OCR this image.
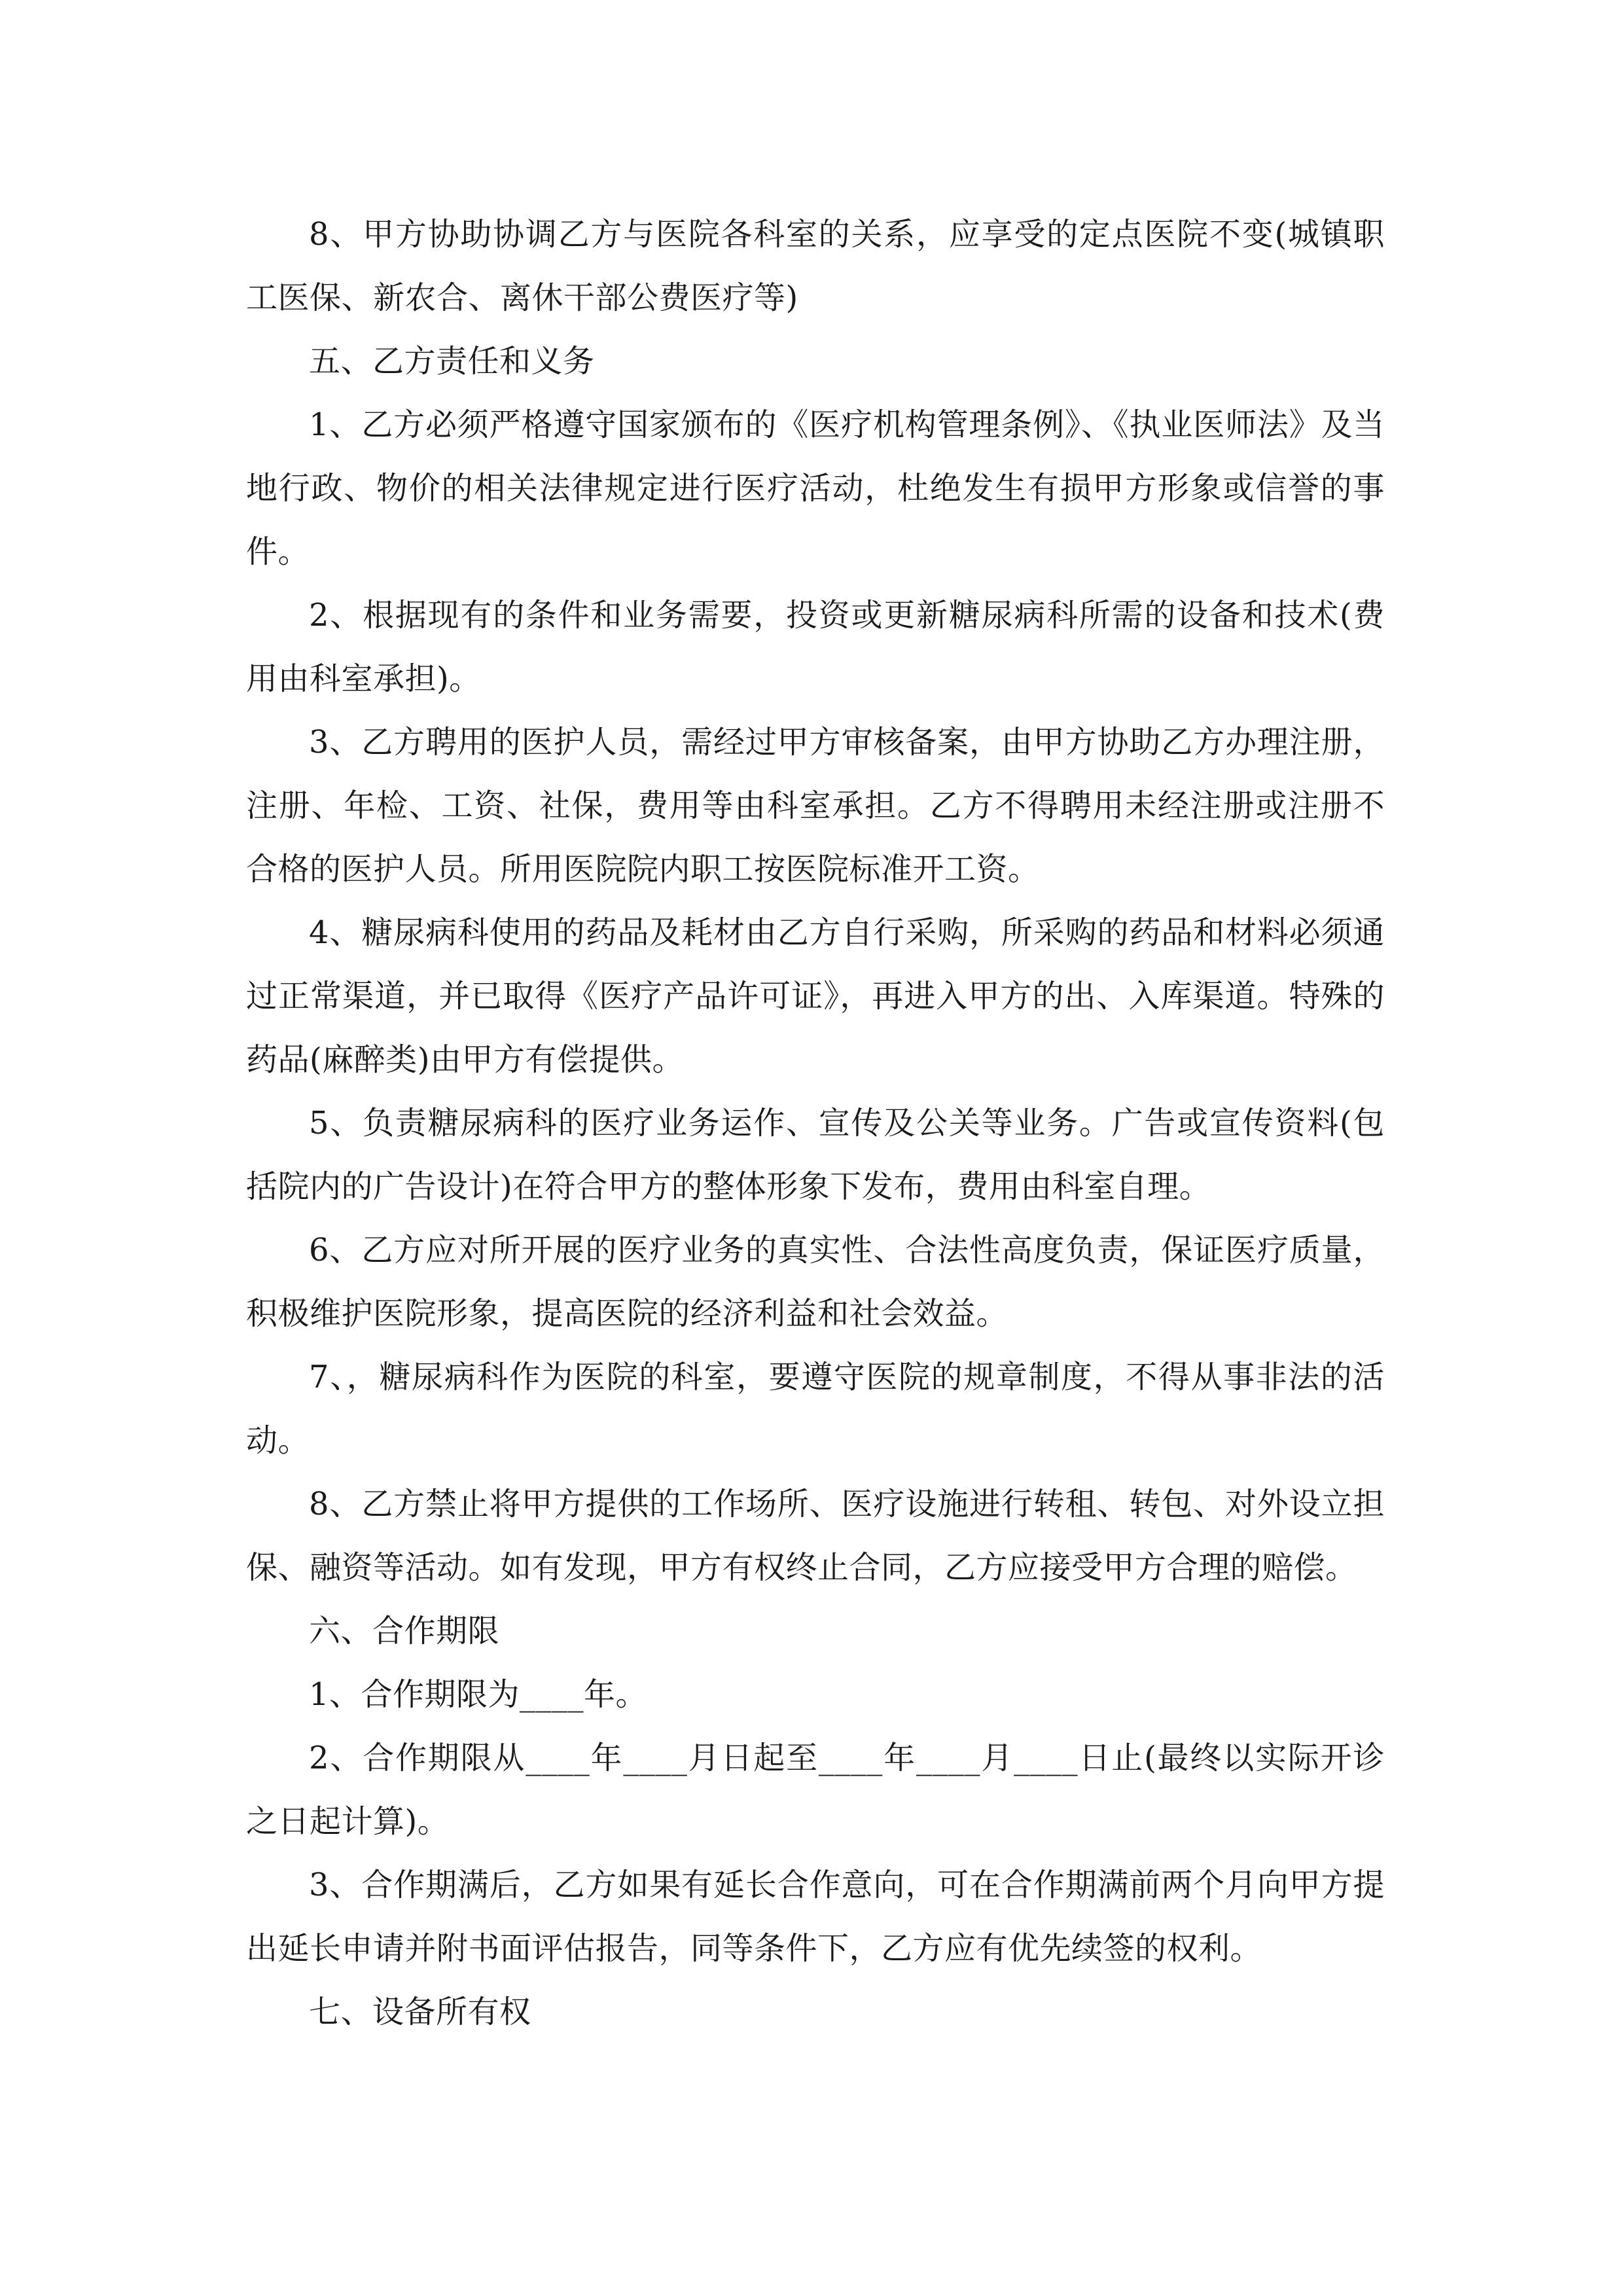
8、甲方协助协调乙方与医院各科室的关系，应享受的定点医院不变(城镇职工医保、新农合、离休干部公费医疗等)

五、乙方责任和义务

1、乙方必须严格遵守国家颁布的《医疗机构管理条例》、《执业医师法》及当地行政、物价的相关法律规定进行医疗活动，杜绝发生有损甲方形象或信誉的事件。

2、根据现有的条件和业务需要，投资或更新糖尿病科所需的设备和技术(费用由科室承担)。

3、乙方聘用的医护人员，需经过甲方审核备案，由甲方协助乙方办理注册，注册、年检、工资、社保，费用等由科室承担。乙方不得聘用未经注册或注册不合格的医护人员。所用医院院内职工按医院标准开工资。

4、糖尿病科使用的药品及耗材由乙方自行采购，所采购的药品和材料必须通过正常渠道，并已取得《医疗产品许可证》，再进入甲方的出、入库渠道。特殊的药品(麻醉类)由甲方有偿提供。

5、负责糖尿病科的医疗业务运作、宣传及公关等业务。广告或宣传资料(包括院内的广告设计)在符合甲方的整体形象下发布，费用由科室自理。

6、乙方应对所开展的医疗业务的真实性、合法性高度负责，保证医疗质量，积极维护医院形象，提高医院的经济利益和社会效益。

7、，糖尿病科作为医院的科室，要遵守医院的规章制度，不得从事非法的活动。

8、乙方禁止将甲方提供的工作场所、医疗设施进行转租、转包、对外设立担保、融资等活动。如有发现，甲方有权终止合同，乙方应接受甲方合理的赔偿。

六、合作期限

1、合作期限为____年。

2、合作期限从____年____月日起至____年____月____日止(最终以实际开诊之日起计算)。

3、合作期满后，乙方如果有延长合作意向，可在合作期满前两个月向甲方提出延长申请并附书面评估报告，同等条件下，乙方应有优先续签的权利。

七、设备所有权
